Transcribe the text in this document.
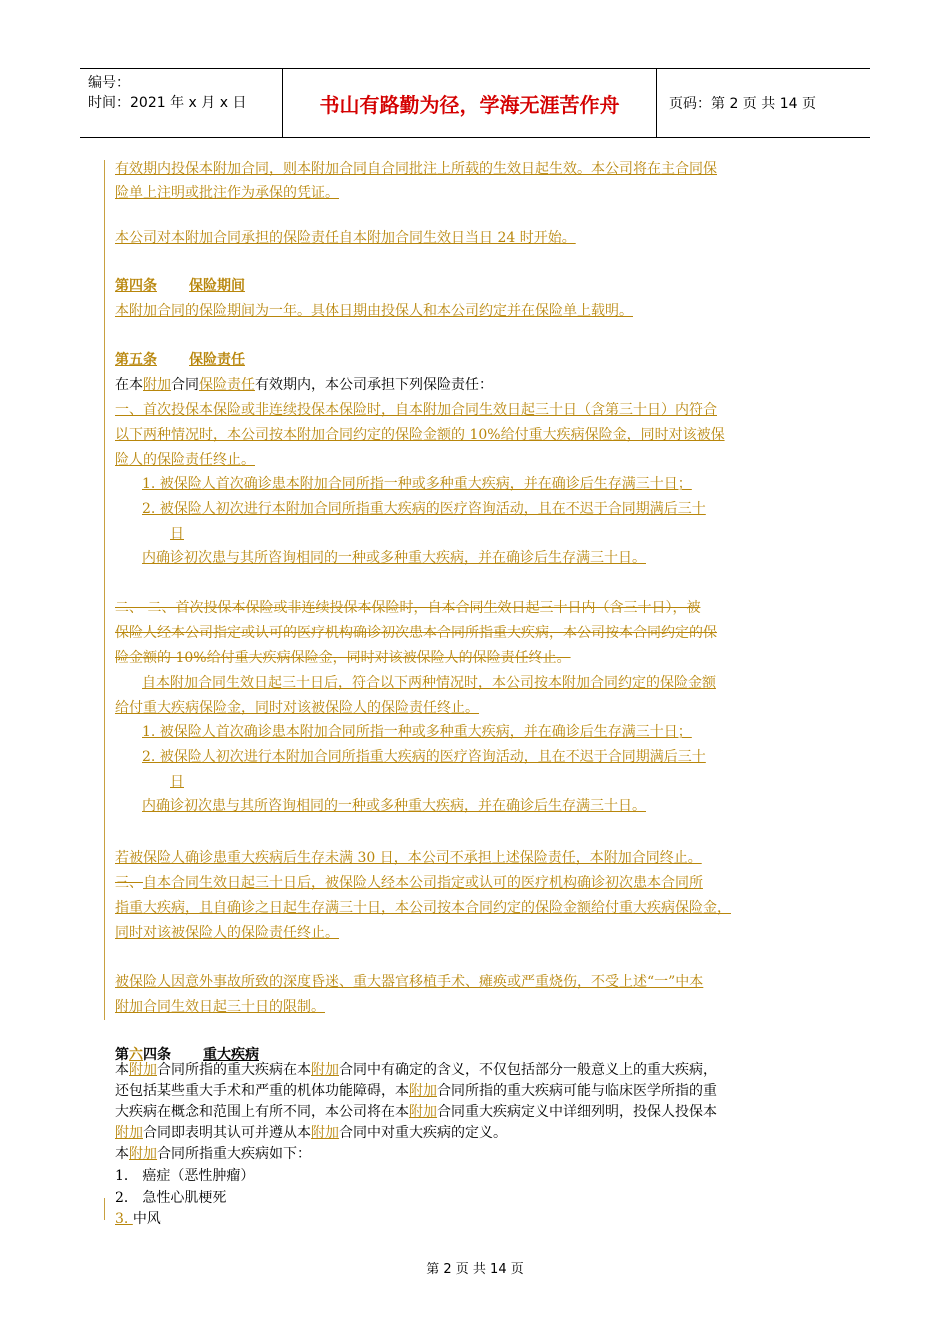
编号：
时间：2021 年 x 月 x 日	书山有路勤为径，学海无涯苦作舟	页码：第 2 页 共 14 页
有效期内投保本附加合同，则本附加合同自合同批注上所载的生效日起生效。本公司将在主合同保
险单上注明或批注作为承保的凭证。
本公司对本附加合同承担的保险责任自本附加合同生效日当日 24 时开始。
第四条 保险期间
本附加合同的保险期间为一年。具体日期由投保人和本公司约定并在保险单上载明。
第五条 保险责任
在本附加合同保险责任有效期内，本公司承担下列保险责任：
一、首次投保本保险或非连续投保本保险时，自本附加合同生效日起三十日（含第三十日）内符合
以下两种情况时，本公司按本附加合同约定的保险金额的 10%给付重大疾病保险金，同时对该被保
险人的保险责任终止。
1. 被保险人首次确诊患本附加合同所指一种或多种重大疾病，并在确诊后生存满三十日；
2. 被保险人初次进行本附加合同所指重大疾病的医疗咨询活动，且在不迟于合同期满后三十
日
内确诊初次患与其所咨询相同的一种或多种重大疾病，并在确诊后生存满三十日。
二、 二、首次投保本保险或非连续投保本保险时，自本合同生效日起三十日内（含三十日），被
保险人经本公司指定或认可的医疗机构确诊初次患本合同所指重大疾病，本公司按本合同约定的保
险金额的 10%给付重大疾病保险金，同时对该被保险人的保险责任终止。
自本附加合同生效日起三十日后，符合以下两种情况时，本公司按本附加合同约定的保险金额
给付重大疾病保险金，同时对该被保险人的保险责任终止。
1. 被保险人首次确诊患本附加合同所指一种或多种重大疾病，并在确诊后生存满三十日；
2. 被保险人初次进行本附加合同所指重大疾病的医疗咨询活动，且在不迟于合同期满后三十
日
内确诊初次患与其所咨询相同的一种或多种重大疾病，并在确诊后生存满三十日。
若被保险人确诊患重大疾病后生存未满 30 日，本公司不承担上述保险责任，本附加合同终止。
三、自本合同生效日起三十日后，被保险人经本公司指定或认可的医疗机构确诊初次患本合同所
指重大疾病，且自确诊之日起生存满三十日，本公司按本合同约定的保险金额给付重大疾病保险金，
同时对该被保险人的保险责任终止。
被保险人因意外事故所致的深度昏迷、重大器官移植手术、瘫痪或严重烧伤，不受上述“一”中本
附加合同生效日起三十日的限制。
第六四条 重大疾病
本附加合同所指的重大疾病在本附加合同中有确定的含义，不仅包括部分一般意义上的重大疾病，
还包括某些重大手术和严重的机体功能障碍，本附加合同所指的重大疾病可能与临床医学所指的重
大疾病在概念和范围上有所不同，本公司将在本附加合同重大疾病定义中详细列明，投保人投保本
附加合同即表明其认可并遵从本附加合同中对重大疾病的定义。
本附加合同所指重大疾病如下：
1． 癌症（恶性肿瘤）
2． 急性心肌梗死
3. 中风
第 2 页 共 14 页
